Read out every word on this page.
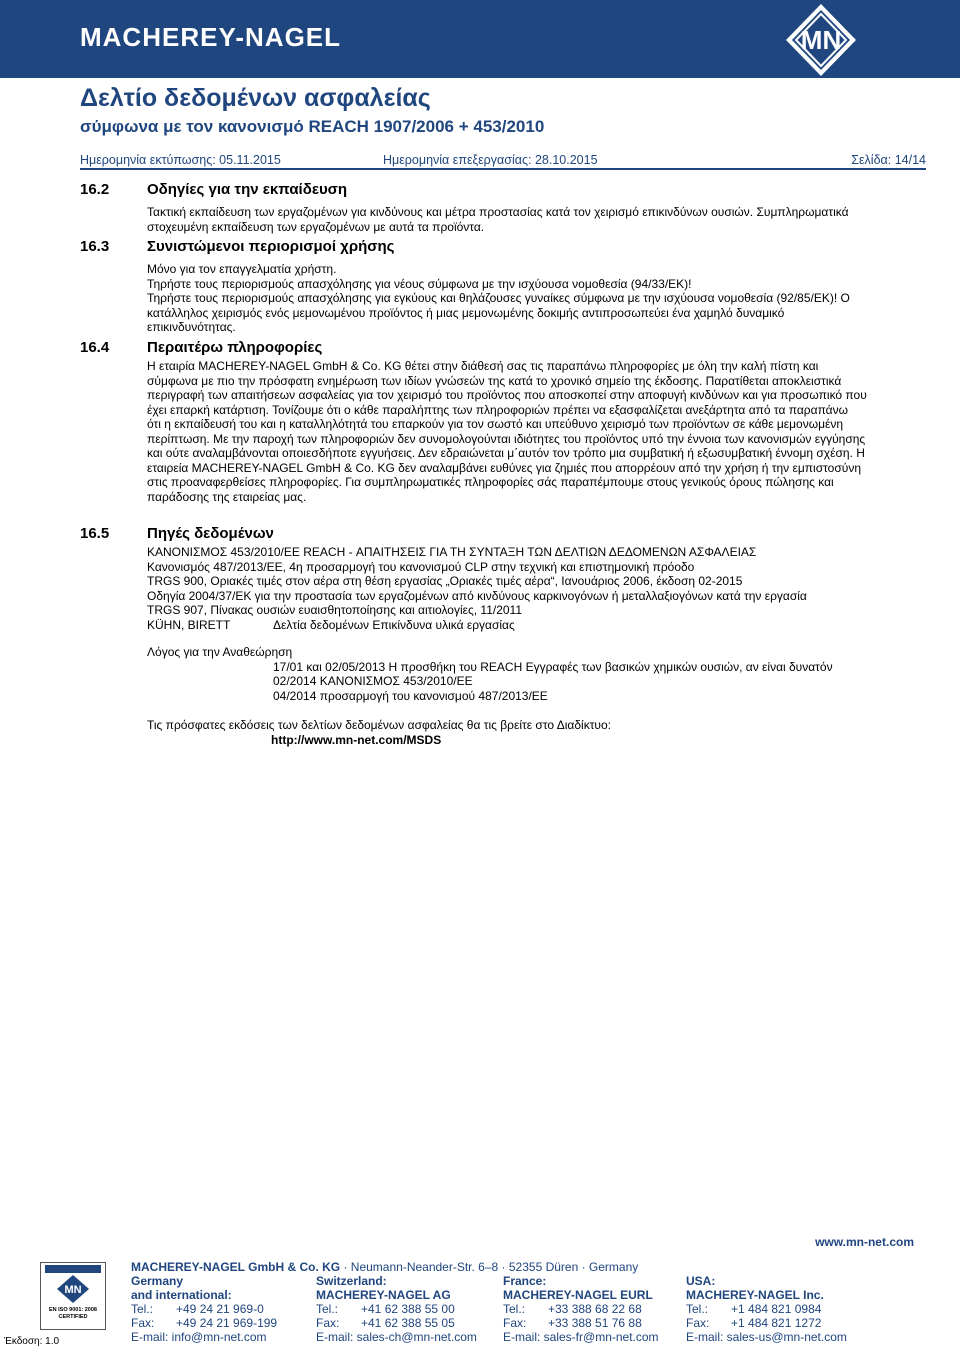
MACHEREY-NAGEL	MN
Δελτίο δεδομένων ασφαλείας
σύμφωνα με τον κανονισμό REACH 1907/2006 + 453/2010
Ημερομηνία εκτύπωσης: 05.11.2015	Ημερομηνία επεξεργασίας: 28.10.2015	Σελίδα: 14/14
16.2	Οδηγίες για την εκπαίδευση
Τακτική εκπαίδευση των εργαζομένων για κινδύνους και μέτρα προστασίας κατά τον χειρισμό επικινδύνων ουσιών. Συμπληρωματικά
στοχευμένη εκπαίδευση των εργαζομένων με αυτά τα προϊόντα.
16.3	Συνιστώμενοι περιορισμοί χρήσης
Μόνο για τον επαγγελματία χρήστη.
Τηρήστε τους περιορισμούς απασχόλησης για νέους σύμφωνα με την ισχύουσα νομοθεσία (94/33/ΕΚ)!
Τηρήστε τους περιορισμούς απασχόλησης για εγκύους και θηλάζουσες γυναίκες σύμφωνα με την ισχύουσα νομοθεσία (92/85/ΕΚ)! Ο
κατάλληλος χειρισμός ενός μεμονωμένου προϊόντος ή μιας μεμονωμένης δοκιμής αντιπροσωπεύει ένα χαμηλό δυναμικό
επικινδυνότητας.
16.4	Περαιτέρω πληροφορίες
Η εταιρία MACHEREY-NAGEL GmbH & Co. KG θέτει στην διάθεσή σας τις παραπάνω πληροφορίες με όλη την καλή πίστη και
σύμφωνα με πιο την πρόσφατη ενημέρωση των ιδίων γνώσεών της κατά το χρονικό σημείο της έκδοσης. Παρατίθεται αποκλειστικά
περιγραφή των απαιτήσεων ασφαλείας για τον χειρισμό του προϊόντος που αποσκοπεί στην αποφυγή κινδύνων και για προσωπικό που
έχει επαρκή κατάρτιση. Τονίζουμε ότι ο κάθε παραλήπτης των πληροφοριών πρέπει να εξασφαλίζεται ανεξάρτητα από τα παραπάνω
ότι η εκπαίδευσή του και η καταλληλότητά του επαρκούν για τον σωστό και υπεύθυνο χειρισμό των προϊόντων σε κάθε μεμονωμένη
περίπτωση. Με την παροχή των πληροφοριών δεν συνομολογούνται ιδιότητες του προϊόντος υπό την έννοια των κανονισμών εγγύησης
και ούτε αναλαμβάνονται οποιεσδήποτε εγγυήσεις. Δεν εδραιώνεται μ΄αυτόν τον τρόπο μια συμβατική ή εξωσυμβατική έννομη σχέση. Η
εταιρεία MACHEREY-NAGEL GmbH & Co. KG δεν αναλαμβάνει ευθύνες για ζημιές που απορρέουν από την χρήση ή την εμπιστοσύνη
στις προαναφερθείσες πληροφορίες. Για συμπληρωματικές πληροφορίες σάς παραπέμπουμε στους γενικούς όρους πώλησης και
παράδοσης της εταιρείας μας.
16.5	Πηγές δεδομένων
ΚΑΝΟΝΙΣΜΟΣ 453/2010/ΕΕ REACH - ΑΠΑΙΤΗΣΕΙΣ ΓΙΑ ΤΗ ΣΥΝΤΑΞΗ ΤΩΝ ΔΕΛΤΙΩΝ ΔΕΔΟΜΕΝΩΝ ΑΣΦΑΛΕΙΑΣ
Κανονισμός 487/2013/ΕΕ, 4η προσαρμογή του κανονισμού CLP στην τεχνική και επιστημονική πρόοδο
TRGS 900, Οριακές τιμές στον αέρα στη θέση εργασίας „Οριακές τιμές αέρα“, Ιανουάριος 2006, έκδοση 02-2015
Οδηγία 2004/37/ΕΚ για την προστασία των εργαζομένων από κινδύνους καρκινογόνων ή μεταλλαξιογόνων κατά την εργασία
TRGS 907, Πίνακας ουσιών ευαισθητοποίησης και αιτιολογίες, 11/2011
KÜHN, BIRETT	Δελτία δεδομένων Επικίνδυνα υλικά εργασίας
Λόγος για την Αναθεώρηση
17/01 και 02/05/2013 Η προσθήκη του REACH Εγγραφές των βασικών χημικών ουσιών, αν είναι δυνατόν
02/2014 ΚΑΝΟΝΙΣΜΟΣ 453/2010/ΕΕ
04/2014 προσαρμογή του κανονισμού 487/2013/ΕΕ
Τις πρόσφατες εκδόσεις των δελτίων δεδομένων ασφαλείας θα τις βρείτε στο Διαδίκτυο:
http://www.mn-net.com/MSDS
www.mn-net.com
MACHEREY-NAGEL GmbH & Co. KG · Neumann-Neander-Str. 6–8 · 52355 Düren · Germany
MN
EN ISO 9001: 2008
CERTIFIED
Έκδοση: 1.0
Germany
and international:
Tel.: +49 24 21 969-0
Fax: +49 24 21 969-199
E-mail: info@mn-net.com
Switzerland:
MACHEREY-NAGEL AG
Tel.: +41 62 388 55 00
Fax: +41 62 388 55 05
E-mail: sales-ch@mn-net.com
France:
MACHEREY-NAGEL EURL
Tel.: +33 388 68 22 68
Fax: +33 388 51 76 88
E-mail: sales-fr@mn-net.com
USA:
MACHEREY-NAGEL Inc.
Tel.: +1 484 821 0984
Fax: +1 484 821 1272
E-mail: sales-us@mn-net.com
